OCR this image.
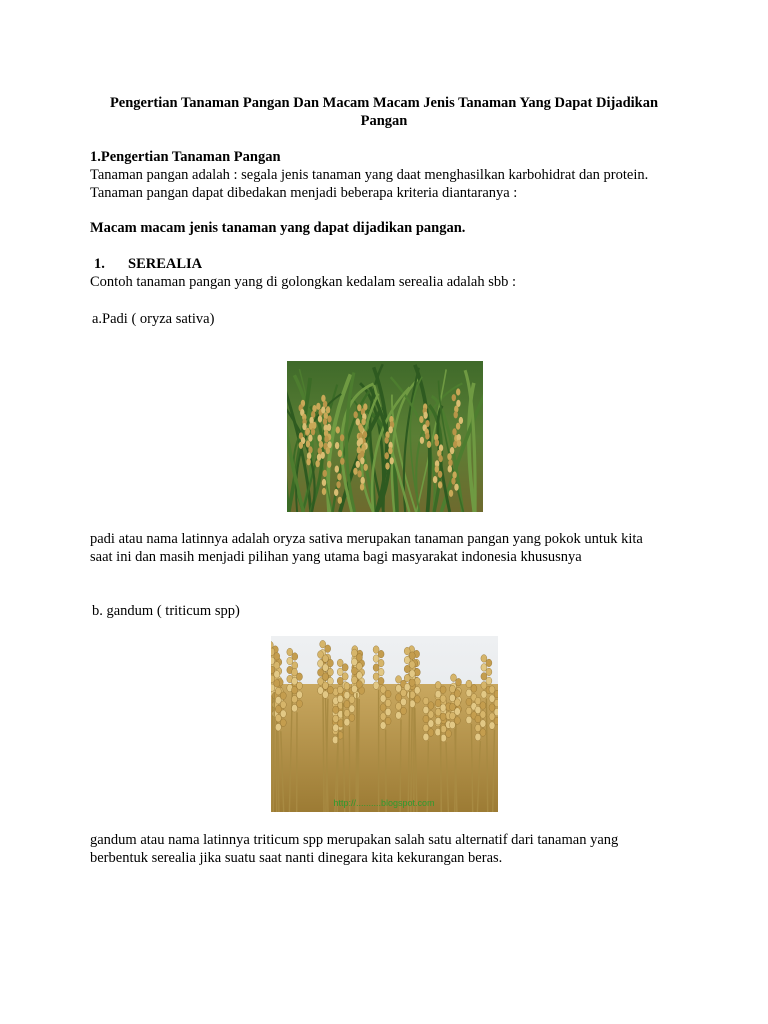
Pengertian Tanaman Pangan Dan Macam Macam Jenis Tanaman Yang Dapat Dijadikan
Pangan
1.Pengertian Tanaman Pangan
Tanaman pangan adalah : segala jenis tanaman yang daat menghasilkan karbohidrat dan protein.
Tanaman pangan dapat dibedakan menjadi beberapa kriteria diantaranya :
Macam macam jenis tanaman yang dapat dijadikan pangan.
1. SEREALIA
Contoh tanaman pangan yang di golongkan kedalam serealia adalah sbb :
a.Padi ( oryza sativa)
padi atau nama latinnya adalah oryza sativa merupakan tanaman pangan yang pokok untuk kita
saat ini dan masih menjadi pilihan yang utama bagi masyarakat indonesia khususnya
b. gandum ( triticum spp)
http://..........blogspot.com
gandum atau nama latinnya triticum spp merupakan salah satu alternatif dari tanaman yang
berbentuk serealia jika suatu saat nanti dinegara kita kekurangan beras.
